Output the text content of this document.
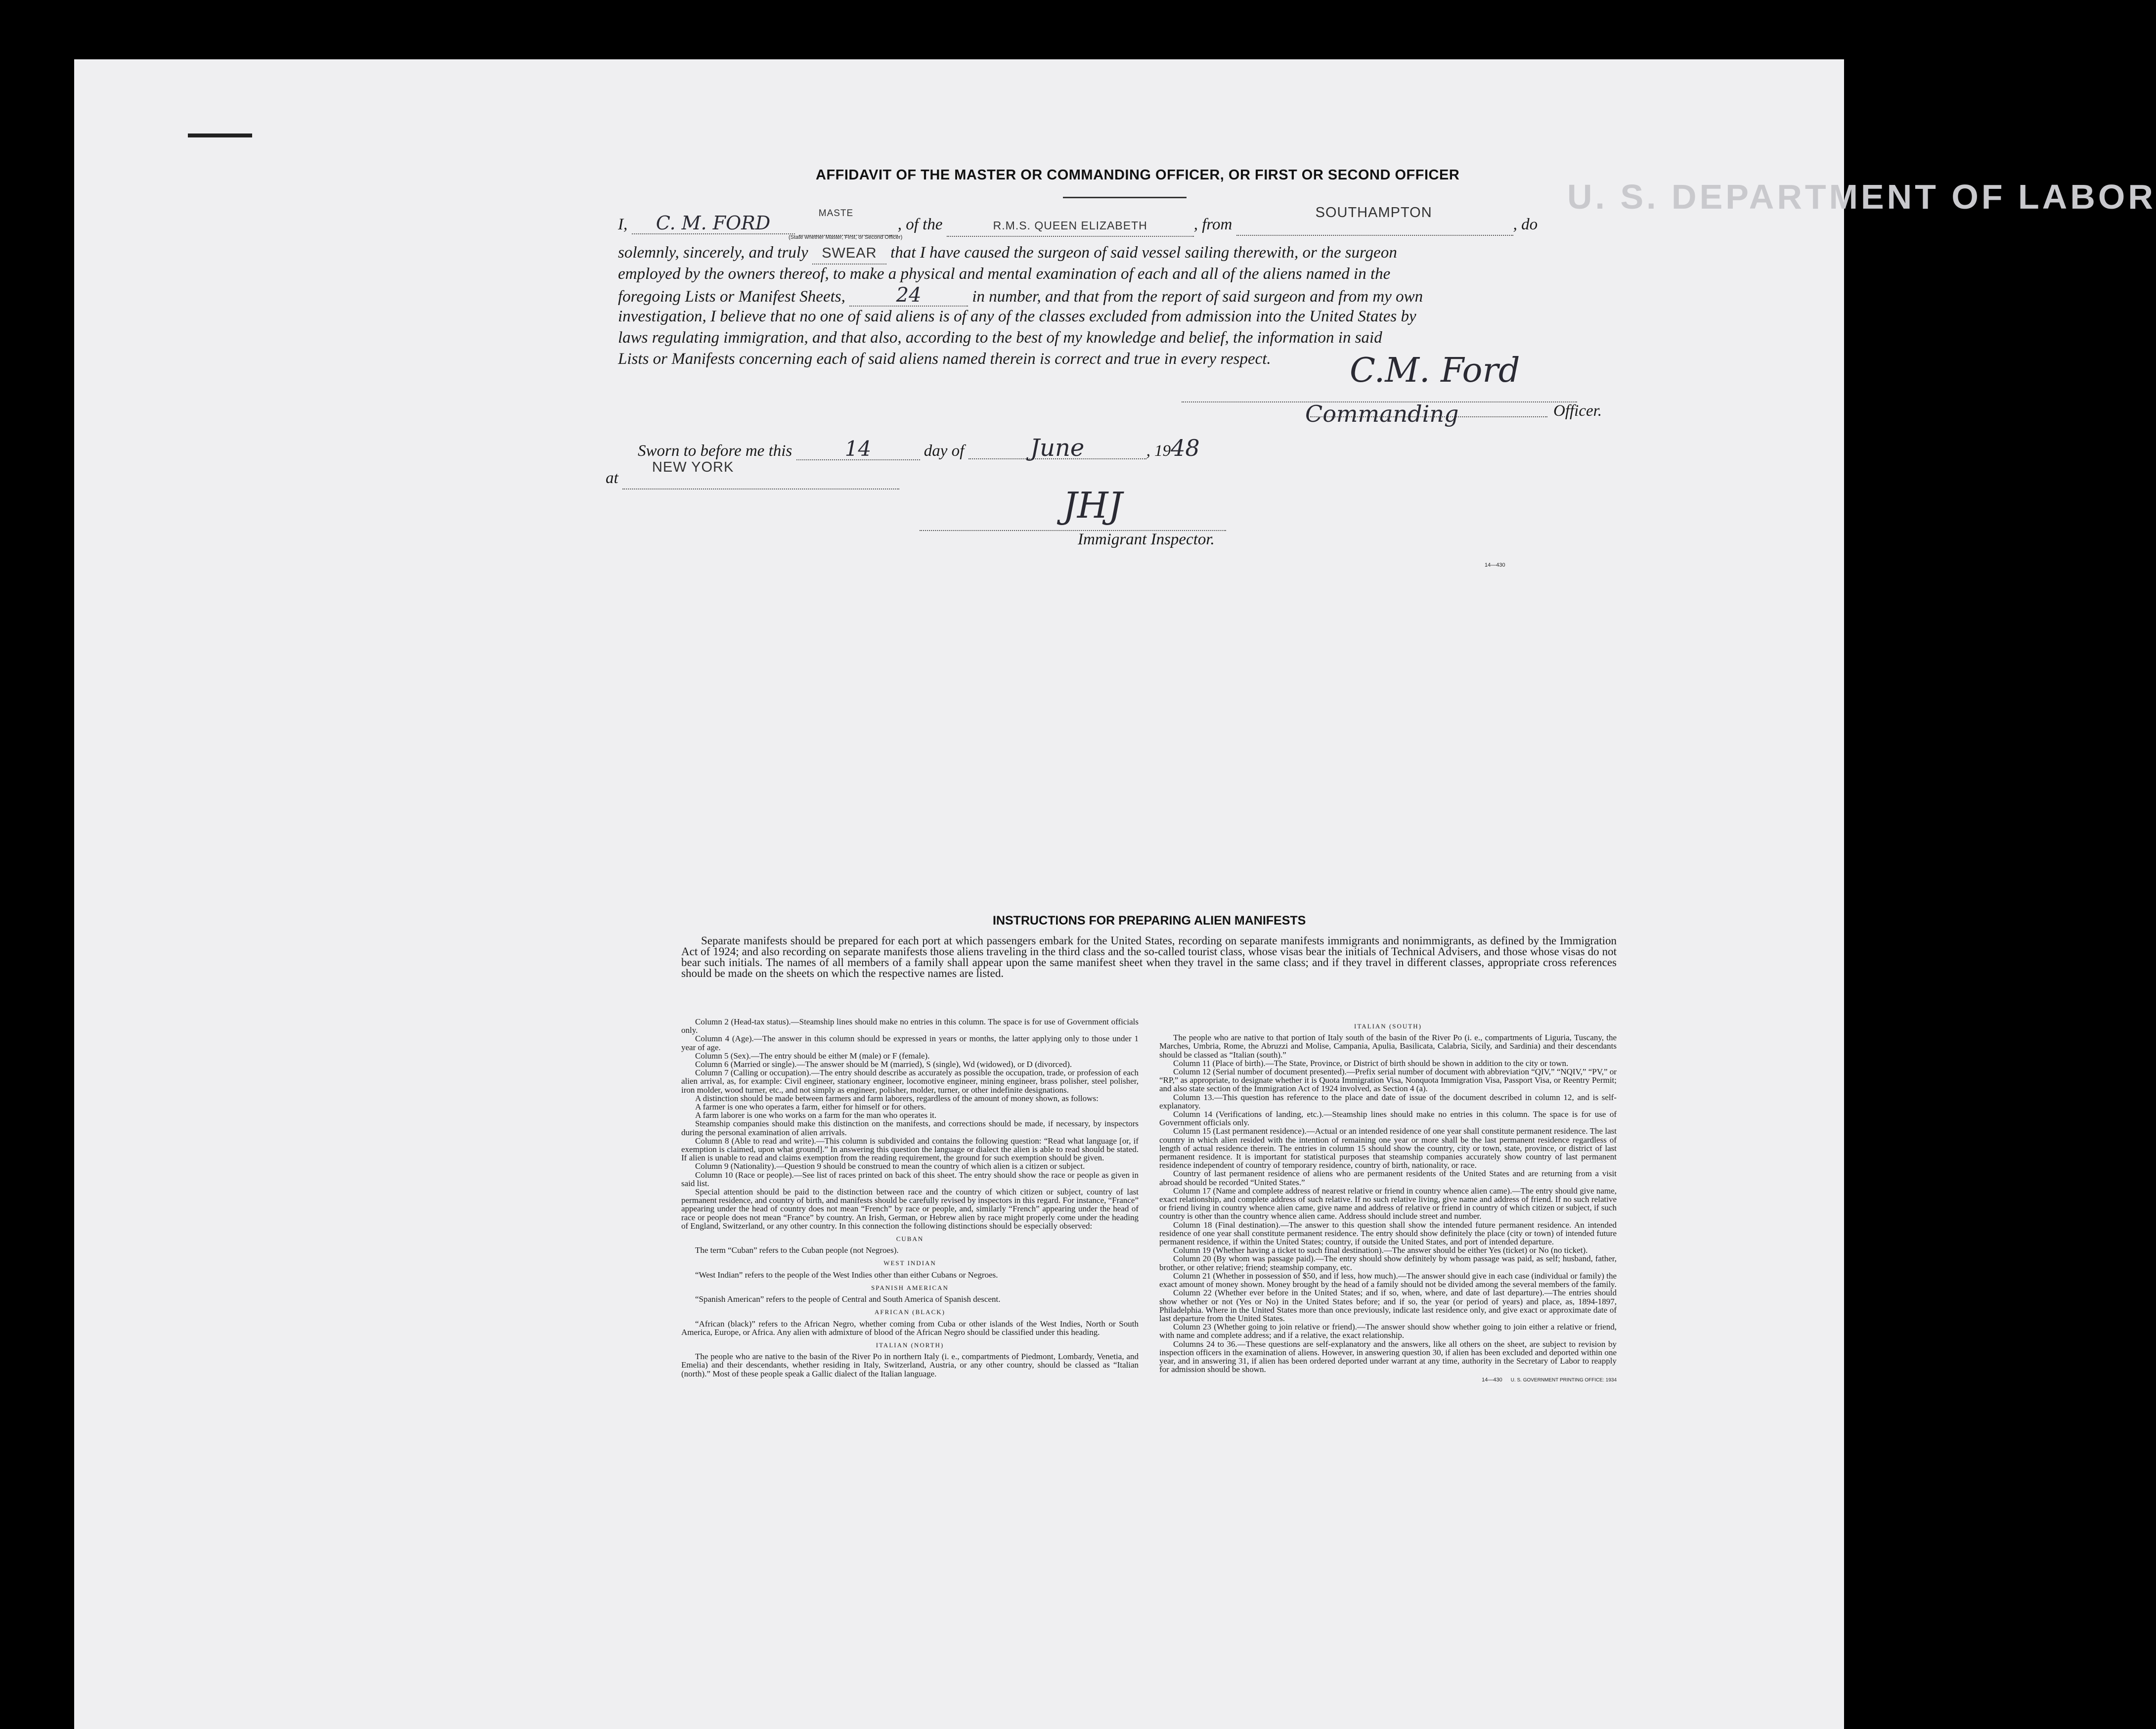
U. S. DEPARTMENT OF LABOR
AFFIDAVIT OF THE MASTER OR COMMANDING OFFICER, OR FIRST OR SECOND OFFICER
I, C. M. FORD	MASTE
, of the	R.M.S. QUEEN ELIZABETH	, from
SOUTHAMPTON
, do
(State whether Master, First, or Second Officer)
solemnly, sincerely, and truly SWEAR that I have caused the surgeon of said vessel sailing therewith, or the surgeon
employed by the owners thereof, to make a physical and mental examination of each and all of the aliens named in the
foregoing Lists or Manifest Sheets,	24	in number, and that from the report of said surgeon and from my own
investigation, I believe that no one of said aliens is of any of the classes excluded from admission into the United States by
laws regulating immigration, and that also, according to the best of my knowledge and belief, the information in said
Lists or Manifests concerning each of said aliens named therein is correct and true in every respect. C.M. Ford
Commanding	Officer.
Sworn to before me this	14	day of	June	, 1948
at
NEW YORK

JHJ
Immigrant Inspector.
14—430
INSTRUCTIONS FOR PREPARING ALIEN MANIFESTS
Separate manifests should be prepared for each port at which passengers embark for the United States, recording on separate manifests immigrants and nonimmigrants, as defined by the Immigration Act of 1924; and also recording on separate manifests those aliens traveling in the third class and the so-called tourist class, whose visas bear the initials of Technical Advisers, and those whose visas do not bear such initials. The names of all members of a family shall appear upon the same manifest sheet when they travel in the same class; and if they travel in different classes, appropriate cross references should be made on the sheets on which the respective names are listed.

Column 2 (Head-tax status).—Steamship lines should make no entries in this column. The space is for use of Government officials only.

Column 4 (Age).—The answer in this column should be expressed in years or months, the latter applying only to those under 1 year of age.

Column 5 (Sex).—The entry should be either M (male) or F (female).

Column 6 (Married or single).—The answer should be M (married), S (single), Wd (widowed), or D (divorced).

Column 7 (Calling or occupation).—The entry should describe as accurately as possible the occupation, trade, or profession of each alien arrival, as, for example: Civil engineer, stationary engineer, locomotive engineer, mining engineer, brass polisher, steel polisher, iron molder, wood turner, etc., and not simply as engineer, polisher, molder, turner, or other indefinite designations.

A distinction should be made between farmers and farm laborers, regardless of the amount of money shown, as follows:

A farmer is one who operates a farm, either for himself or for others.

A farm laborer is one who works on a farm for the man who operates it.

Steamship companies should make this distinction on the manifests, and corrections should be made, if necessary, by inspectors during the personal examination of alien arrivals.

Column 8 (Able to read and write).—This column is subdivided and contains the following question: “Read what language [or, if exemption is claimed, upon what ground].” In answering this question the language or dialect the alien is able to read should be stated. If alien is unable to read and claims exemption from the reading requirement, the ground for such exemption should be given.

Column 9 (Nationality).—Question 9 should be construed to mean the country of which alien is a citizen or subject.

Column 10 (Race or people).—See list of races printed on back of this sheet. The entry should show the race or people as given in said list.

Special attention should be paid to the distinction between race and the country of which citizen or subject, country of last permanent residence, and country of birth, and manifests should be carefully revised by inspectors in this regard. For instance, “France” appearing under the head of country does not mean “French” by race or people, and, similarly “French” appearing under the head of race or people does not mean “France” by country. An Irish, German, or Hebrew alien by race might properly come under the heading of England, Switzerland, or any other country. In this connection the following distinctions should be especially observed:

CUBAN

The term “Cuban” refers to the Cuban people (not Negroes).

WEST INDIAN

“West Indian” refers to the people of the West Indies other than either Cubans or Negroes.

SPANISH AMERICAN

“Spanish American” refers to the people of Central and South America of Spanish descent.

AFRICAN (BLACK)

“African (black)” refers to the African Negro, whether coming from Cuba or other islands of the West Indies, North or South America, Europe, or Africa. Any alien with admixture of blood of the African Negro should be classified under this heading.

ITALIAN (NORTH)

The people who are native to the basin of the River Po in northern Italy (i. e., compartments of Piedmont, Lombardy, Venetia, and Emelia) and their descendants, whether residing in Italy, Switzerland, Austria, or any other country, should be classed as “Italian (north).” Most of these people speak a Gallic dialect of the Italian language.

ITALIAN (SOUTH)

The people who are native to that portion of Italy south of the basin of the River Po (i. e., compartments of Liguria, Tuscany, the Marches, Umbria, Rome, the Abruzzi and Molise, Campania, Apulia, Basilicata, Calabria, Sicily, and Sardinia) and their descendants should be classed as “Italian (south).”

Column 11 (Place of birth).—The State, Province, or District of birth should be shown in addition to the city or town.

Column 12 (Serial number of document presented).—Prefix serial number of document with abbreviation “QIV,” “NQIV,” “PV,” or “RP,” as appropriate, to designate whether it is Quota Immigration Visa, Nonquota Immigration Visa, Passport Visa, or Reentry Permit; and also state section of the Immigration Act of 1924 involved, as Section 4 (a).

Column 13.—This question has reference to the place and date of issue of the document described in column 12, and is self-explanatory.

Column 14 (Verifications of landing, etc.).—Steamship lines should make no entries in this column. The space is for use of Government officials only.

Column 15 (Last permanent residence).—Actual or an intended residence of one year shall constitute permanent residence. The last country in which alien resided with the intention of remaining one year or more shall be the last permanent residence regardless of length of actual residence therein. The entries in column 15 should show the country, city or town, state, province, or district of last permanent residence. It is important for statistical purposes that steamship companies accurately show country of last permanent residence independent of country of temporary residence, country of birth, nationality, or race.

Country of last permanent residence of aliens who are permanent residents of the United States and are returning from a visit abroad should be recorded “United States.”

Column 17 (Name and complete address of nearest relative or friend in country whence alien came).—The entry should give name, exact relationship, and complete address of such relative. If no such relative living, give name and address of friend. If no such relative or friend living in country whence alien came, give name and address of relative or friend in country of which citizen or subject, if such country is other than the country whence alien came. Address should include street and number.

Column 18 (Final destination).—The answer to this question shall show the intended future permanent residence. An intended residence of one year shall constitute permanent residence. The entry should show definitely the place (city or town) of intended future permanent residence, if within the United States; country, if outside the United States, and port of intended departure.

Column 19 (Whether having a ticket to such final destination).—The answer should be either Yes (ticket) or No (no ticket).

Column 20 (By whom was passage paid).—The entry should show definitely by whom passage was paid, as self; husband, father, brother, or other relative; friend; steamship company, etc.

Column 21 (Whether in possession of $50, and if less, how much).—The answer should give in each case (individual or family) the exact amount of money shown. Money brought by the head of a family should not be divided among the several members of the family.

Column 22 (Whether ever before in the United States; and if so, when, where, and date of last departure).—The entries should show whether or not (Yes or No) in the United States before; and if so, the year (or period of years) and place, as, 1894-1897, Philadelphia. Where in the United States more than once previously, indicate last residence only, and give exact or approximate date of last departure from the United States.

Column 23 (Whether going to join relative or friend).—The answer should show whether going to join either a relative or friend, with name and complete address; and if a relative, the exact relationship.

Columns 24 to 36.—These questions are self-explanatory and the answers, like all others on the sheet, are subject to revision by inspection officers in the examination of aliens. However, in answering question 30, if alien has been excluded and deported within one year, and in answering 31, if alien has been ordered deported under warrant at any time, authority in the Secretary of Labor to reapply for admission should be shown.

14—430 U. S. GOVERNMENT PRINTING OFFICE: 1934
